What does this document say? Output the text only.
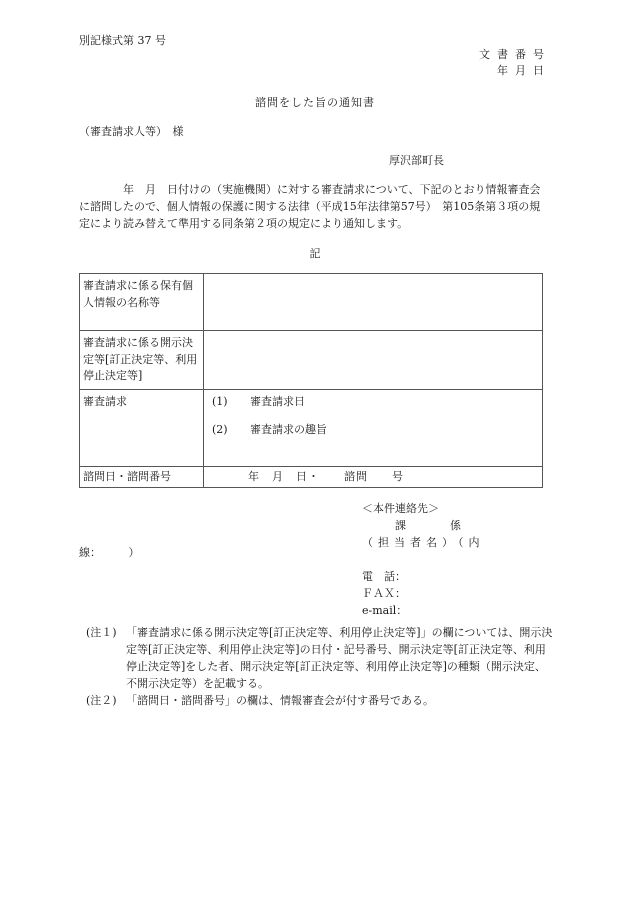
別記様式第 37 号
文書番号
年月日
諮問をした旨の通知書
（審査請求人等）　様
厚沢部町長
年　月　日付けの（実施機関）に対する審査請求について、下記のとおり情報審査会に諮問したので、個人情報の保護に関する法律（平成15年法律第57号）　第105条第３項の規定により読み替えて準用する同条第２項の規定により通知します。
記
審査請求に係る保有個人情報の名称等	
審査請求に係る開示決定等[訂正決定等、利用停止決定等]	
審査請求	(1) 審査請求日
(2) 審査請求の趣旨

諮問日・諮問番号	年　月　日・　　諮問　　号
＜本件連絡先＞
　　　課　　　　係
（担当者名）（内
電　話：
ＦＡＸ：
e-mail：
線：　　　）
(注１) 「審査請求に係る開示決定等[訂正決定等、利用停止決定等]」の欄については、開示決定等[訂正決定等、利用停止決定等]の日付・記号番号、開示決定等[訂正決定等、利用停止決定等]をした者、開示決定等[訂正決定等、利用停止決定等]の種類（開示決定、不開示決定等）を記載する。
(注２) 「諮問日・諮問番号」の欄は、情報審査会が付す番号である。
